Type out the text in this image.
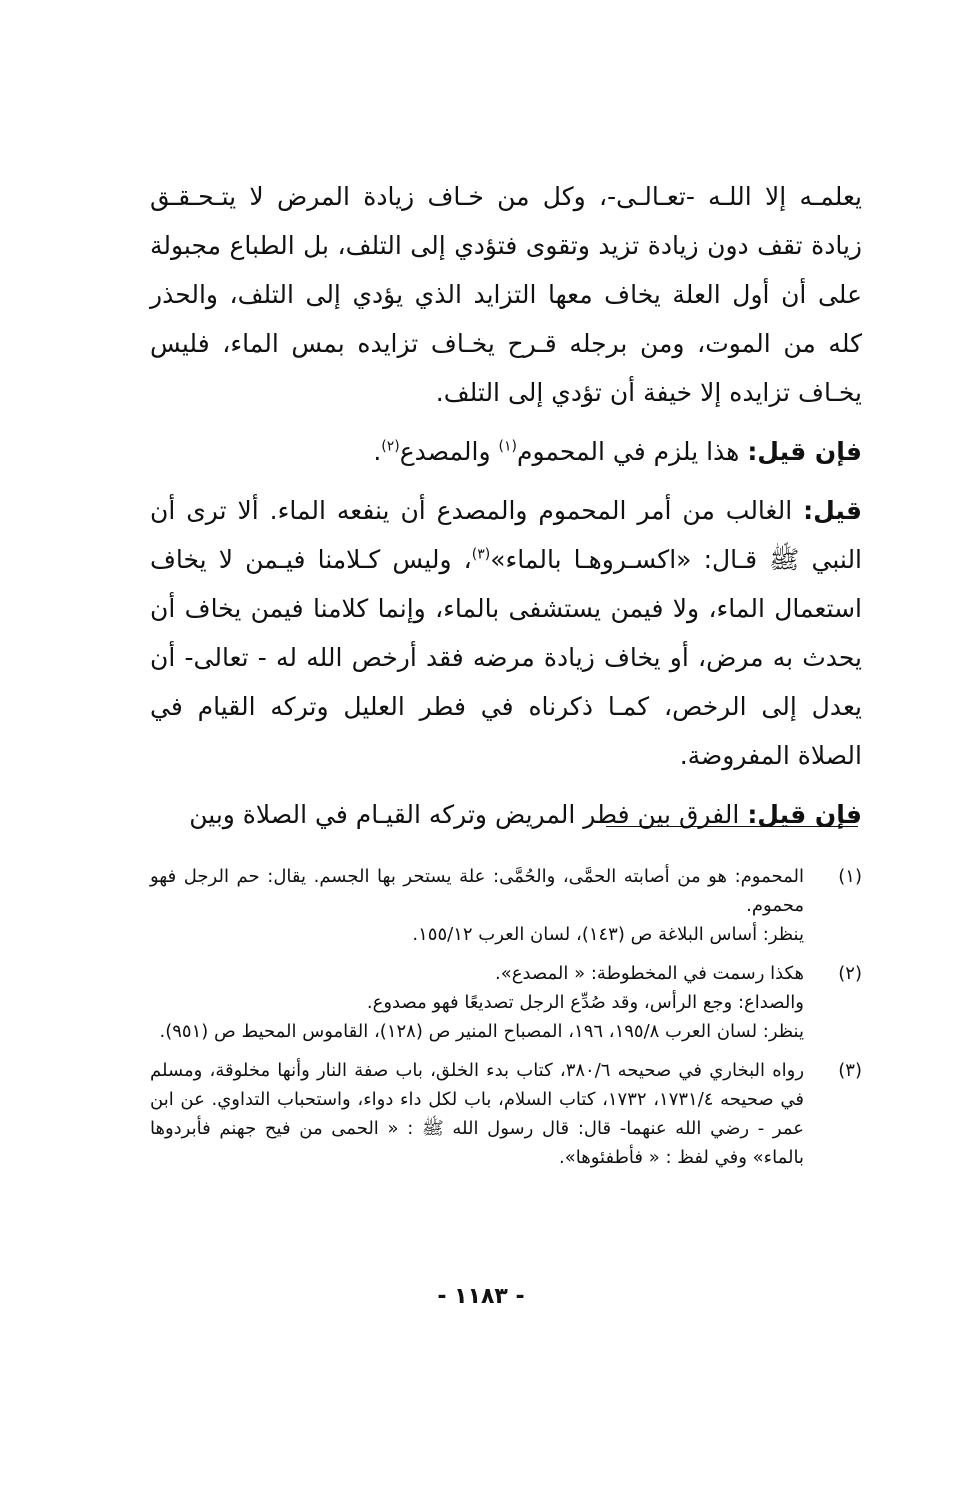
يعلمـه إلا اللـه -تعـالـى-، وكل من خـاف زيادة المرض لا يتـحـقـق زيادة تقف دون زيادة تزيد وتقوى فتؤدي إلى التلف، بل الطباع مجبولة على أن أول العلة يخاف معها التزايد الذي يؤدي إلى التلف، والحذر كله من الموت، ومن برجله قـرح يخـاف تزايده بمس الماء، فليس يخـاف تزايده إلا خيفة أن تؤدي إلى التلف.

فإن قيل: هذا يلزم في المحموم$^{(١)}$ والمصدع$^{(٢)}$.

قيل: الغالب من أمر المحموم والمصدع أن ينفعه الماء. ألا ترى أن النبي ﷺ قـال: «اكسـروهـا بالماء»$^{(٣)}$، وليس كـلامنا فيـمن لا يخاف استعمال الماء، ولا فيمن يستشفى بالماء، وإنما كلامنا فيمن يخاف أن يحدث به مرض، أو يخاف زيادة مرضه فقد أرخص الله له - تعالى- أن يعدل إلى الرخص، كمـا ذكرناه في فطر العليل وتركه القيام في الصلاة المفروضة.

فإن قيل: الفرق بين فطر المريض وتركه القيـام في الصلاة وبين

(١)
المحموم: هو من أصابته الحمَّى، والحُمَّى: علة يستحر بها الجسم. يقال: حم الرجل فهو محموم.
ينظر: أساس البلاغة ص (١٤٣)، لسان العرب ١٥٥/١٢.
(٢)
هكذا رسمت في المخطوطة: « المصدع».
والصداع: وجع الرأس، وقد صُدِّع الرجل تصديعًا فهو مصدوع.
ينظر: لسان العرب ١٩٥/٨، ١٩٦، المصباح المنير ص (١٢٨)، القاموس المحيط ص (٩٥١).
(٣)
رواه البخاري في صحيحه ٣٨٠/٦، كتاب بدء الخلق، باب صفة النار وأنها مخلوقة، ومسلم في صحيحه ١٧٣١/٤، ١٧٣٢، كتاب السلام، باب لكل داء دواء، واستحباب التداوي. عن ابن عمر - رضي الله عنهما- قال: قال رسول الله ﷺ : « الحمى من فيح جهنم فأبردوها بالماء» وفي لفظ : « فأطفئوها».
- ١١٨٣ -
